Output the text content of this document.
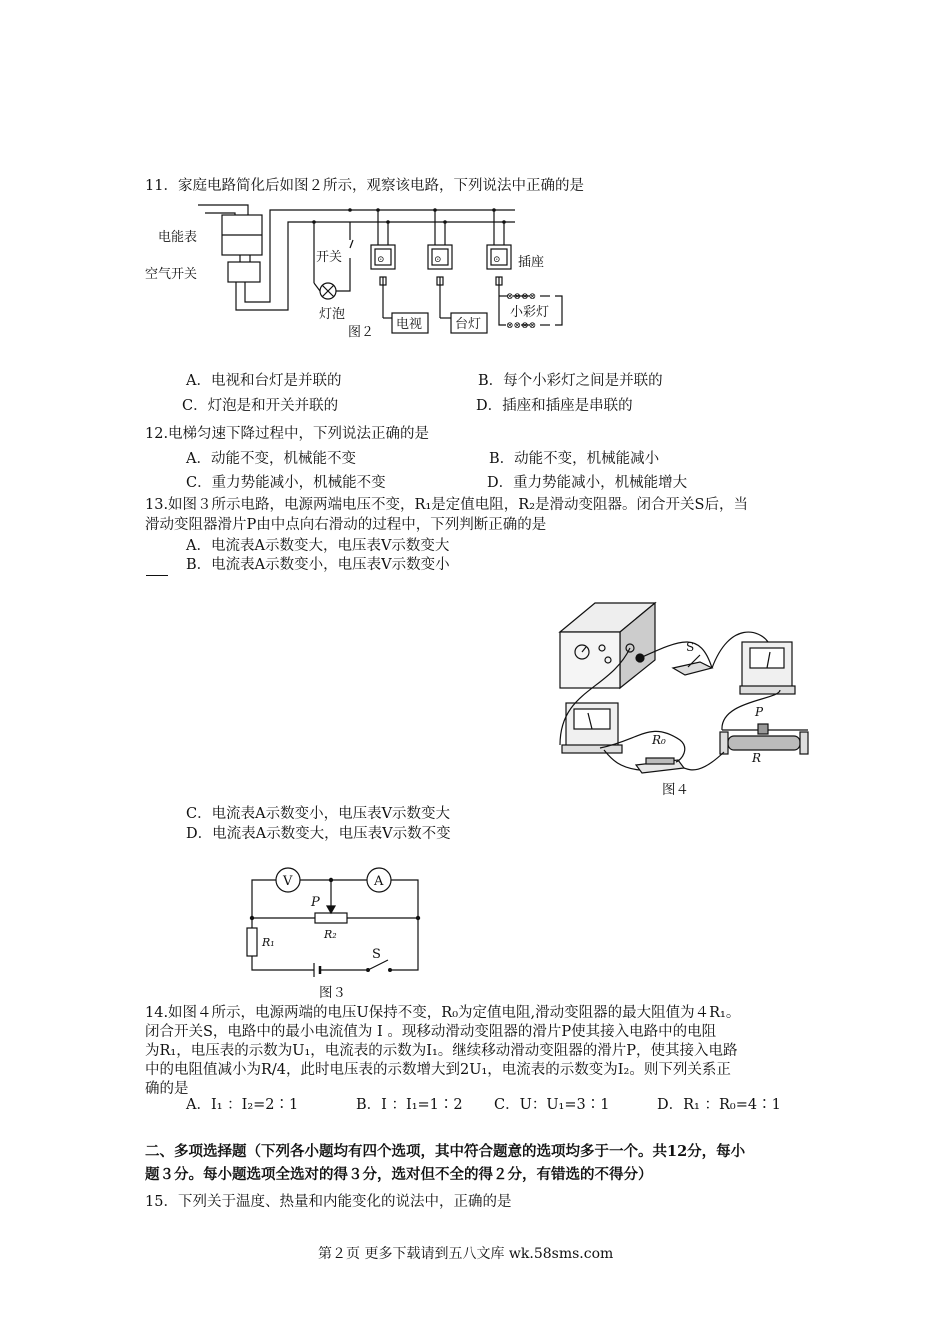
11．家庭电路简化后如图２所示，观察该电路，下列说法中正确的是
⊙	⊙	⊙
⊗⊗⊗⊗
⊗⊗⊗⊗
电能表
空气开关
开关
灯泡
图２
电视	台灯
插座
小彩灯
A．电视和台灯是并联的	B．每个小彩灯之间是并联的
C．灯泡是和开关并联的	D．插座和插座是串联的
12.电梯匀速下降过程中，下列说法正确的是
A．动能不变，机械能不变	B．动能不变，机械能减小
C．重力势能减小，机械能不变	D．重力势能减小，机械能增大
13.如图３所示电路，电源两端电压不变，R₁是定值电阻，R₂是滑动变阻器。闭合开关S后，当
滑动变阻器滑片P由中点向右滑动的过程中，下列判断正确的是
A．电流表A示数变大，电压表V示数变大
B．电流表A示数变小，电压表V示数变小
S
P
R₀
R
图４
C．电流表A示数变小，电压表V示数变大
D．电流表A示数变大，电压表V示数不变
V	A
P
R₂
R₁
S
图３
14.如图４所示，电源两端的电压U保持不变，R₀为定值电阻,滑动变阻器的最大阻值为４R₁。
闭合开关S，电路中的最小电流值为 I 。现移动滑动变阻器的滑片P使其接入电路中的电阻
为R₁，电压表的示数为U₁，电流表的示数为I₁。继续移动滑动变阻器的滑片P，使其接入电路
中的电阻值减小为R/4，此时电压表的示数增大到2U₁，电流表的示数变为I₂。则下列关系正
确的是
A．I₁ ：I₂=2∶1	B．I ：I₁=1∶2 C．U：U₁=3∶1	D．R₁ ：R₀=4∶1
二、多项选择题（下列各小题均有四个选项，其中符合题意的选项均多于一个。共12分，每小
题３分。每小题选项全选对的得３分，选对但不全的得２分，有错选的不得分）
15．下列关于温度、热量和内能变化的说法中，正确的是
第２页 更多下载请到五八文库 wk.58sms.com
